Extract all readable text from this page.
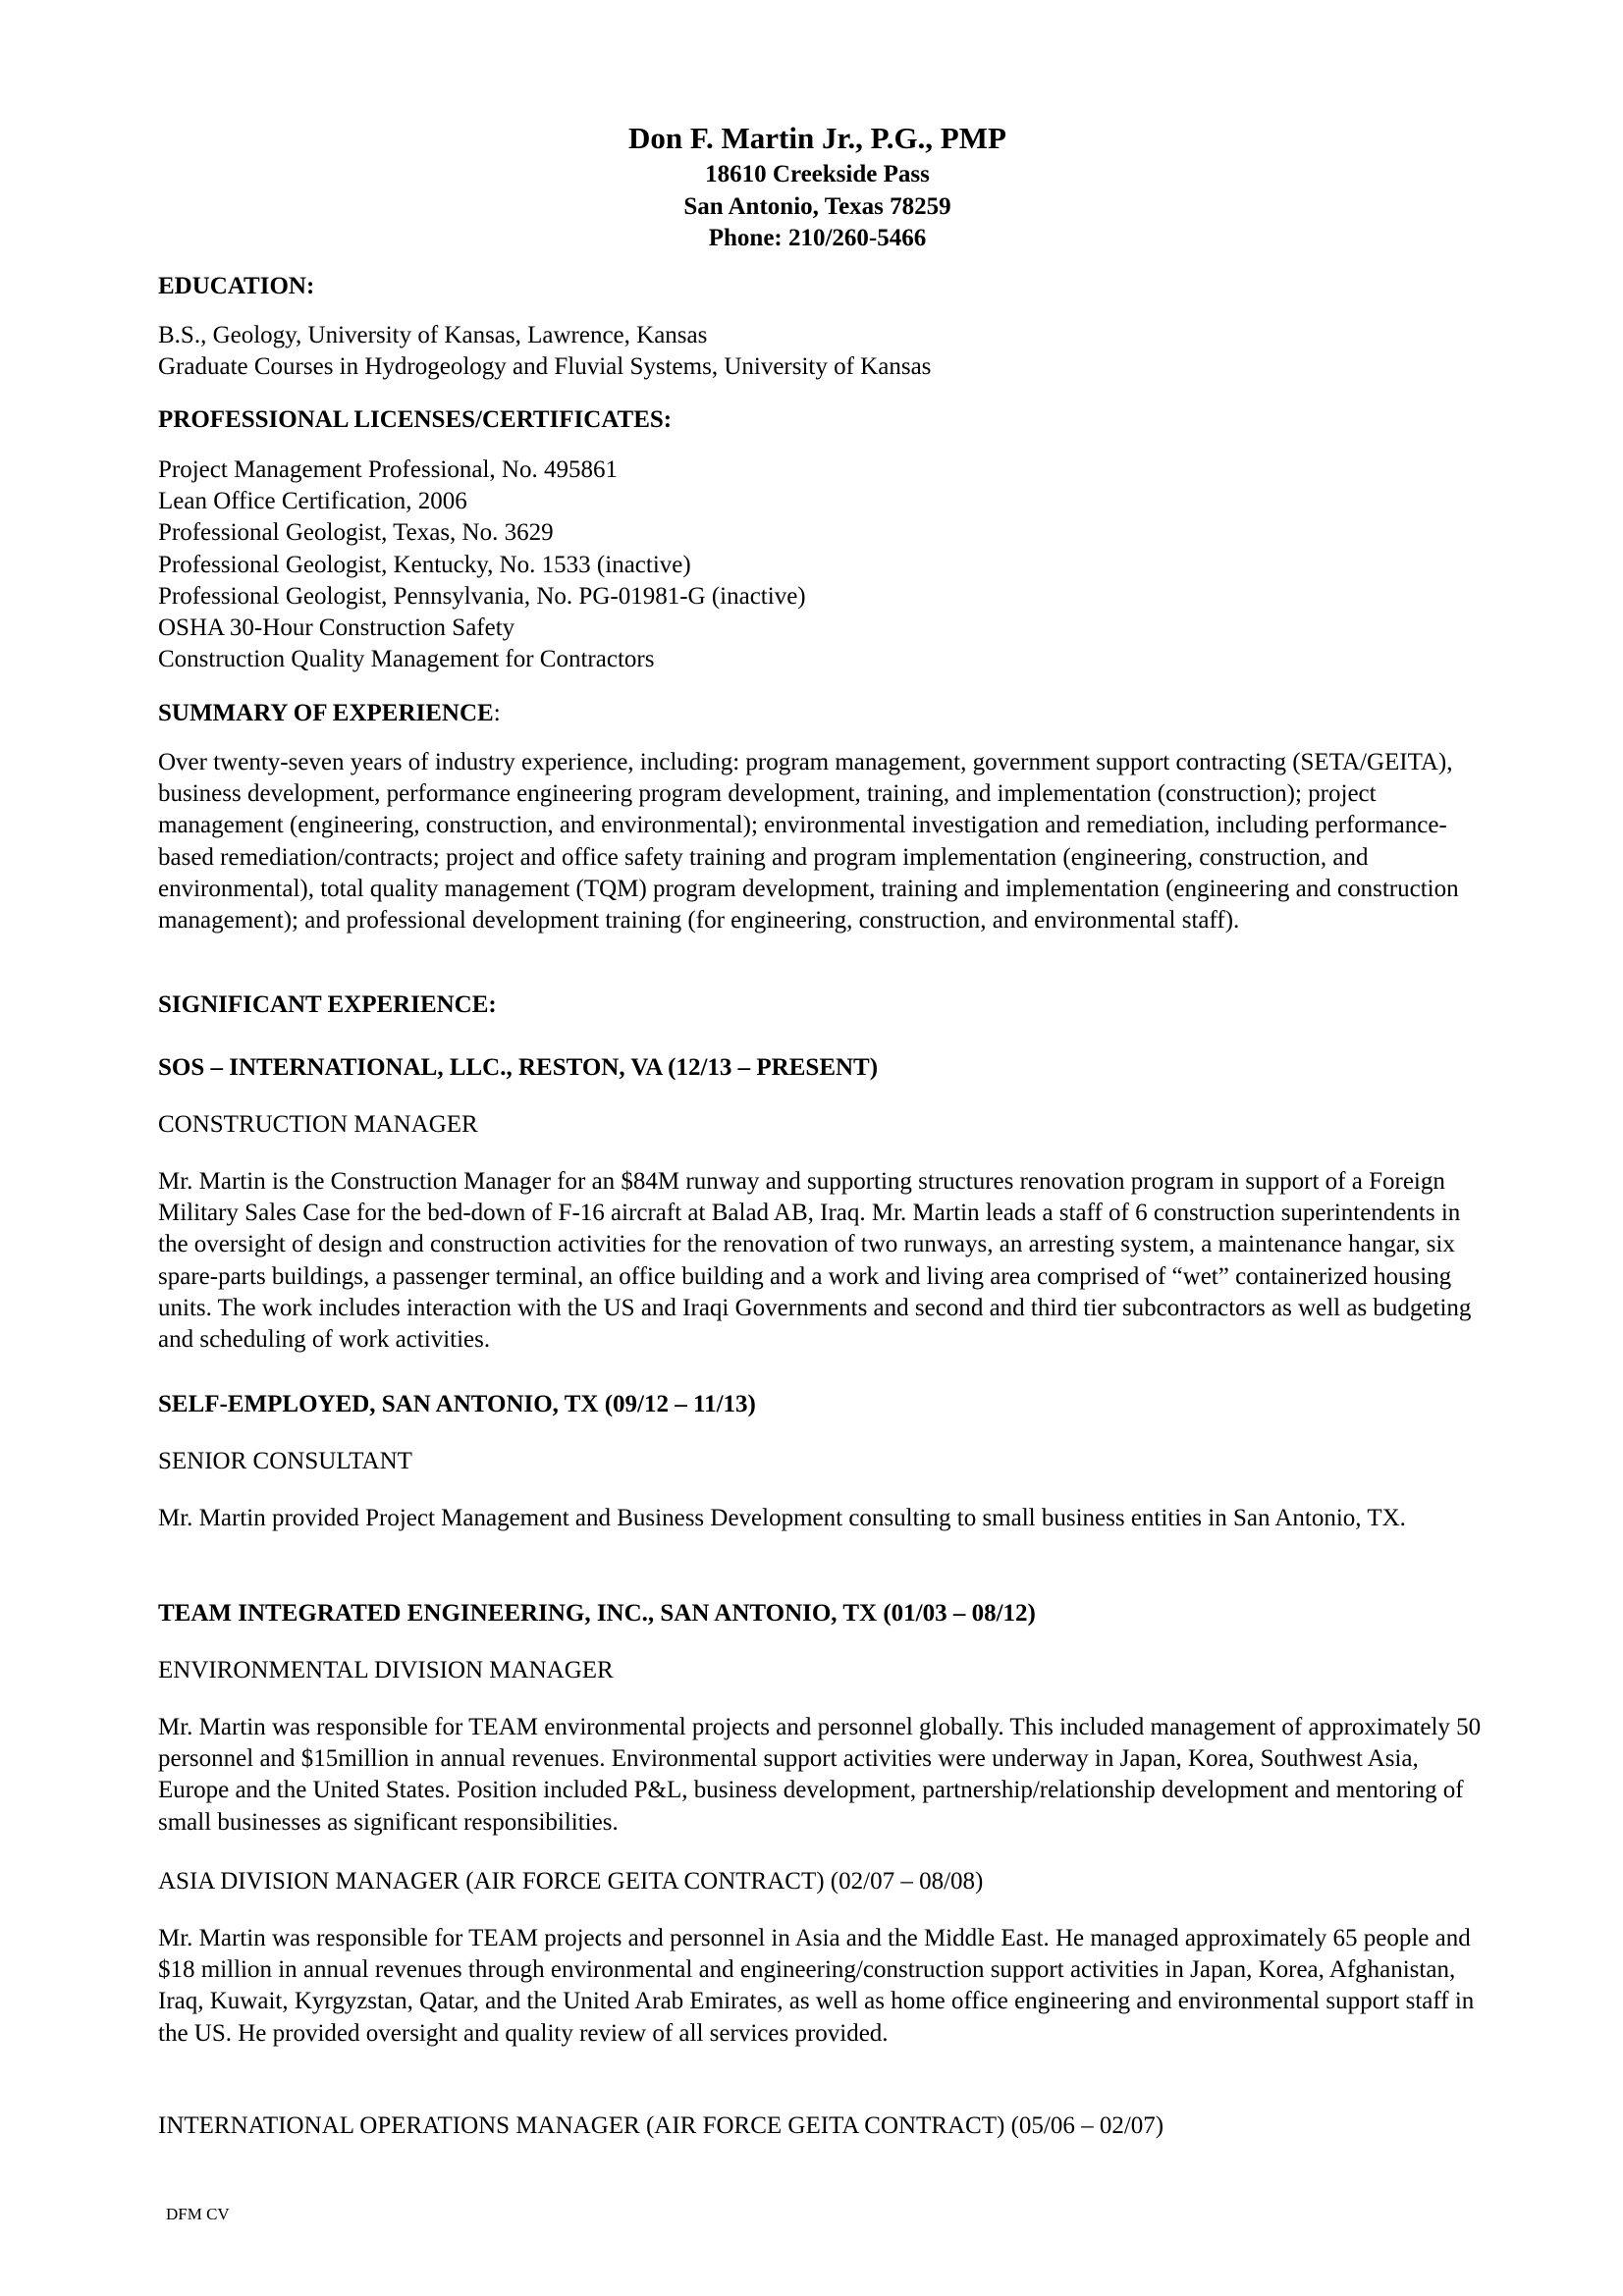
Don F. Martin Jr., P.G., PMP
18610 Creekside Pass
San Antonio, Texas 78259
Phone: 210/260-5466
EDUCATION:
B.S., Geology, University of Kansas, Lawrence, Kansas
Graduate Courses in Hydrogeology and Fluvial Systems, University of Kansas
PROFESSIONAL LICENSES/CERTIFICATES:
Project Management Professional, No. 495861
Lean Office Certification, 2006
Professional Geologist, Texas, No. 3629
Professional Geologist, Kentucky, No. 1533 (inactive)
Professional Geologist, Pennsylvania, No. PG-01981-G (inactive)
OSHA 30-Hour Construction Safety
Construction Quality Management for Contractors
SUMMARY OF EXPERIENCE:
Over twenty-seven years of industry experience, including: program management, government support contracting (SETA/GEITA), business development, performance engineering program development, training, and implementation (construction); project management (engineering, construction, and environmental); environmental investigation and remediation, including performance-based remediation/contracts; project and office safety training and program implementation (engineering, construction, and environmental), total quality management (TQM) program development, training and implementation (engineering and construction management); and professional development training (for engineering, construction, and environmental staff).
SIGNIFICANT EXPERIENCE:
SOS – INTERNATIONAL, LLC., RESTON, VA (12/13 – PRESENT)
CONSTRUCTION MANAGER
Mr. Martin is the Construction Manager for an $84M runway and supporting structures renovation program in support of a Foreign Military Sales Case for the bed-down of F-16 aircraft at Balad AB, Iraq. Mr. Martin leads a staff of 6 construction superintendents in the oversight of design and construction activities for the renovation of two runways, an arresting system, a maintenance hangar, six spare-parts buildings, a passenger terminal, an office building and a work and living area comprised of “wet” containerized housing units. The work includes interaction with the US and Iraqi Governments and second and third tier subcontractors as well as budgeting and scheduling of work activities.
SELF-EMPLOYED, SAN ANTONIO, TX (09/12 – 11/13)
SENIOR CONSULTANT
Mr. Martin provided Project Management and Business Development consulting to small business entities in San Antonio, TX.
TEAM INTEGRATED ENGINEERING, INC., SAN ANTONIO, TX (01/03 – 08/12)
ENVIRONMENTAL DIVISION MANAGER
Mr. Martin was responsible for TEAM environmental projects and personnel globally. This included management of approximately 50 personnel and $15million in annual revenues. Environmental support activities were underway in Japan, Korea, Southwest Asia, Europe and the United States. Position included P&L, business development, partnership/relationship development and mentoring of small businesses as significant responsibilities.
ASIA DIVISION MANAGER (AIR FORCE GEITA CONTRACT) (02/07 – 08/08)
Mr. Martin was responsible for TEAM projects and personnel in Asia and the Middle East. He managed approximately 65 people and $18 million in annual revenues through environmental and engineering/construction support activities in Japan, Korea, Afghanistan, Iraq, Kuwait, Kyrgyzstan, Qatar, and the United Arab Emirates, as well as home office engineering and environmental support staff in the US. He provided oversight and quality review of all services provided.
INTERNATIONAL OPERATIONS MANAGER (AIR FORCE GEITA CONTRACT) (05/06 – 02/07)
DFM CV
